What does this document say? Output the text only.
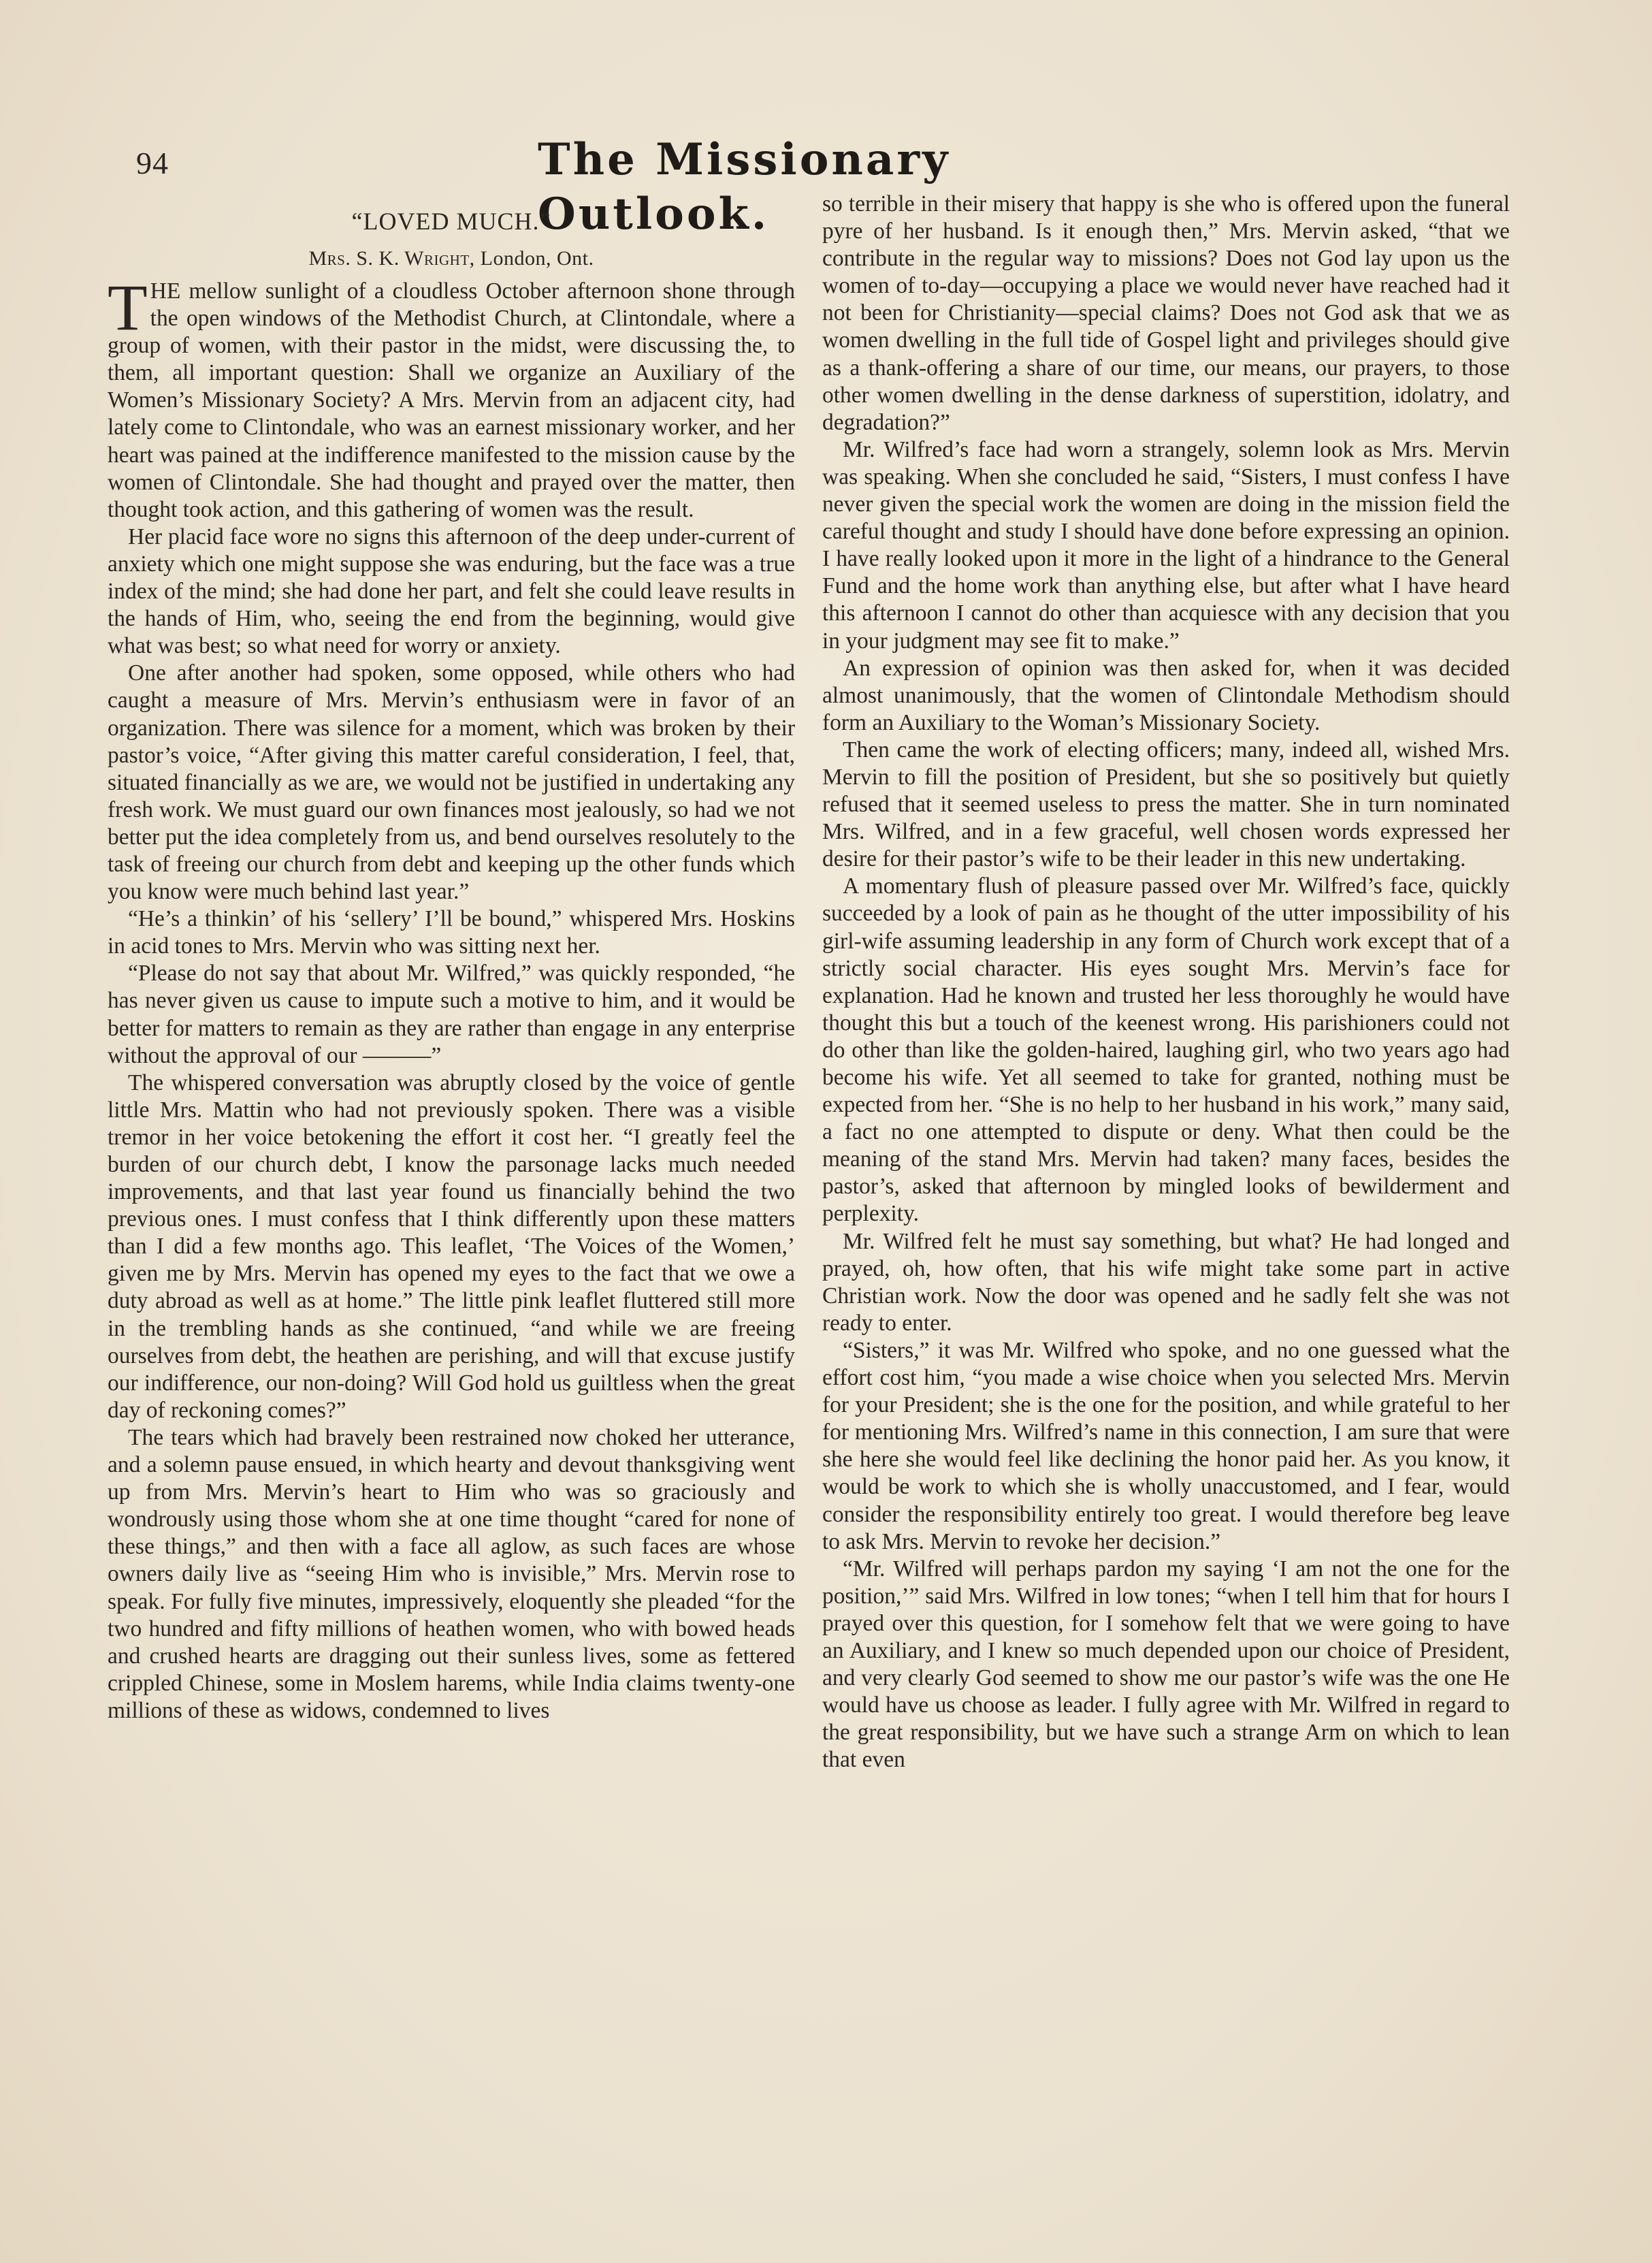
94	The Missionary Outlook.
“LOVED MUCH.”
Mrs. S. K. Wright, London, Ont.

THE mellow sunlight of a cloudless October afternoon shone through the open windows of the Methodist Church, at Clintondale, where a group of women, with their pastor in the midst, were discussing the, to them, all important question: Shall we organize an Auxiliary of the Women’s Missionary Society? A Mrs. Mervin from an adjacent city, had lately come to Clintondale, who was an earnest missionary worker, and her heart was pained at the indifference manifested to the mission cause by the women of Clintondale. She had thought and prayed over the matter, then thought took action, and this gathering of women was the result.

Her placid face wore no signs this afternoon of the deep under-current of anxiety which one might suppose she was enduring, but the face was a true index of the mind; she had done her part, and felt she could leave results in the hands of Him, who, seeing the end from the beginning, would give what was best; so what need for worry or anxiety.

One after another had spoken, some opposed, while others who had caught a measure of Mrs. Mervin’s enthusiasm were in favor of an organization. There was silence for a moment, which was broken by their pastor’s voice, “After giving this matter careful consideration, I feel, that, situated financially as we are, we would not be justified in undertaking any fresh work. We must guard our own finances most jealously, so had we not better put the idea completely from us, and bend ourselves resolutely to the task of freeing our church from debt and keeping up the other funds which you know were much behind last year.”

“He’s a thinkin’ of his ‘sellery’ I’ll be bound,” whispered Mrs. Hoskins in acid tones to Mrs. Mervin who was sitting next her.

“Please do not say that about Mr. Wilfred,” was quickly responded, “he has never given us cause to impute such a motive to him, and it would be better for matters to remain as they are rather than engage in any enterprise without the approval of our ———”

The whispered conversation was abruptly closed by the voice of gentle little Mrs. Mattin who had not previously spoken. There was a visible tremor in her voice betokening the effort it cost her. “I greatly feel the burden of our church debt, I know the parsonage lacks much needed improvements, and that last year found us financially behind the two previous ones. I must confess that I think differently upon these matters than I did a few months ago. This leaflet, ‘The Voices of the Women,’ given me by Mrs. Mervin has opened my eyes to the fact that we owe a duty abroad as well as at home.” The little pink leaflet fluttered still more in the trembling hands as she continued, “and while we are freeing ourselves from debt, the heathen are perishing, and will that excuse justify our indifference, our non-doing? Will God hold us guiltless when the great day of reckoning comes?”

The tears which had bravely been restrained now choked her utterance, and a solemn pause ensued, in which hearty and devout thanksgiving went up from Mrs. Mervin’s heart to Him who was so graciously and wondrously using those whom she at one time thought “cared for none of these things,” and then with a face all aglow, as such faces are whose owners daily live as “seeing Him who is invisible,” Mrs. Mervin rose to speak. For fully five minutes, impressively, eloquently she pleaded “for the two hundred and fifty millions of heathen women, who with bowed heads and crushed hearts are dragging out their sunless lives, some as fettered crippled Chinese, some in Moslem harems, while India claims twenty-one millions of these as widows, condemned to lives

so terrible in their misery that happy is she who is offered upon the funeral pyre of her husband. Is it enough then,” Mrs. Mervin asked, “that we contribute in the regular way to missions? Does not God lay upon us the women of to-day—occupying a place we would never have reached had it not been for Christianity—special claims? Does not God ask that we as women dwelling in the full tide of Gospel light and privileges should give as a thank-offering a share of our time, our means, our prayers, to those other women dwelling in the dense darkness of superstition, idolatry, and degradation?”

Mr. Wilfred’s face had worn a strangely, solemn look as Mrs. Mervin was speaking. When she concluded he said, “Sisters, I must confess I have never given the special work the women are doing in the mission field the careful thought and study I should have done before expressing an opinion. I have really looked upon it more in the light of a hindrance to the General Fund and the home work than anything else, but after what I have heard this afternoon I cannot do other than acquiesce with any decision that you in your judgment may see fit to make.”

An expression of opinion was then asked for, when it was decided almost unanimously, that the women of Clintondale Methodism should form an Auxiliary to the Woman’s Missionary Society.

Then came the work of electing officers; many, indeed all, wished Mrs. Mervin to fill the position of President, but she so positively but quietly refused that it seemed useless to press the matter. She in turn nominated Mrs. Wilfred, and in a few graceful, well chosen words expressed her desire for their pastor’s wife to be their leader in this new undertaking.

A momentary flush of pleasure passed over Mr. Wilfred’s face, quickly succeeded by a look of pain as he thought of the utter impossibility of his girl-wife assuming leadership in any form of Church work except that of a strictly social character. His eyes sought Mrs. Mervin’s face for explanation. Had he known and trusted her less thoroughly he would have thought this but a touch of the keenest wrong. His parishioners could not do other than like the golden-haired, laughing girl, who two years ago had become his wife. Yet all seemed to take for granted, nothing must be expected from her. “She is no help to her husband in his work,” many said, a fact no one attempted to dispute or deny. What then could be the meaning of the stand Mrs. Mervin had taken? many faces, besides the pastor’s, asked that afternoon by mingled looks of bewilderment and perplexity.

Mr. Wilfred felt he must say something, but what? He had longed and prayed, oh, how often, that his wife might take some part in active Christian work. Now the door was opened and he sadly felt she was not ready to enter.

“Sisters,” it was Mr. Wilfred who spoke, and no one guessed what the effort cost him, “you made a wise choice when you selected Mrs. Mervin for your President; she is the one for the position, and while grateful to her for mentioning Mrs. Wilfred’s name in this connection, I am sure that were she here she would feel like declining the honor paid her. As you know, it would be work to which she is wholly unaccustomed, and I fear, would consider the responsibility entirely too great. I would therefore beg leave to ask Mrs. Mervin to revoke her decision.”

“Mr. Wilfred will perhaps pardon my saying ‘I am not the one for the position,’” said Mrs. Wilfred in low tones; “when I tell him that for hours I prayed over this question, for I somehow felt that we were going to have an Auxiliary, and I knew so much depended upon our choice of President, and very clearly God seemed to show me our pastor’s wife was the one He would have us choose as leader. I fully agree with Mr. Wilfred in regard to the great responsibility, but we have such a strange Arm on which to lean that even
